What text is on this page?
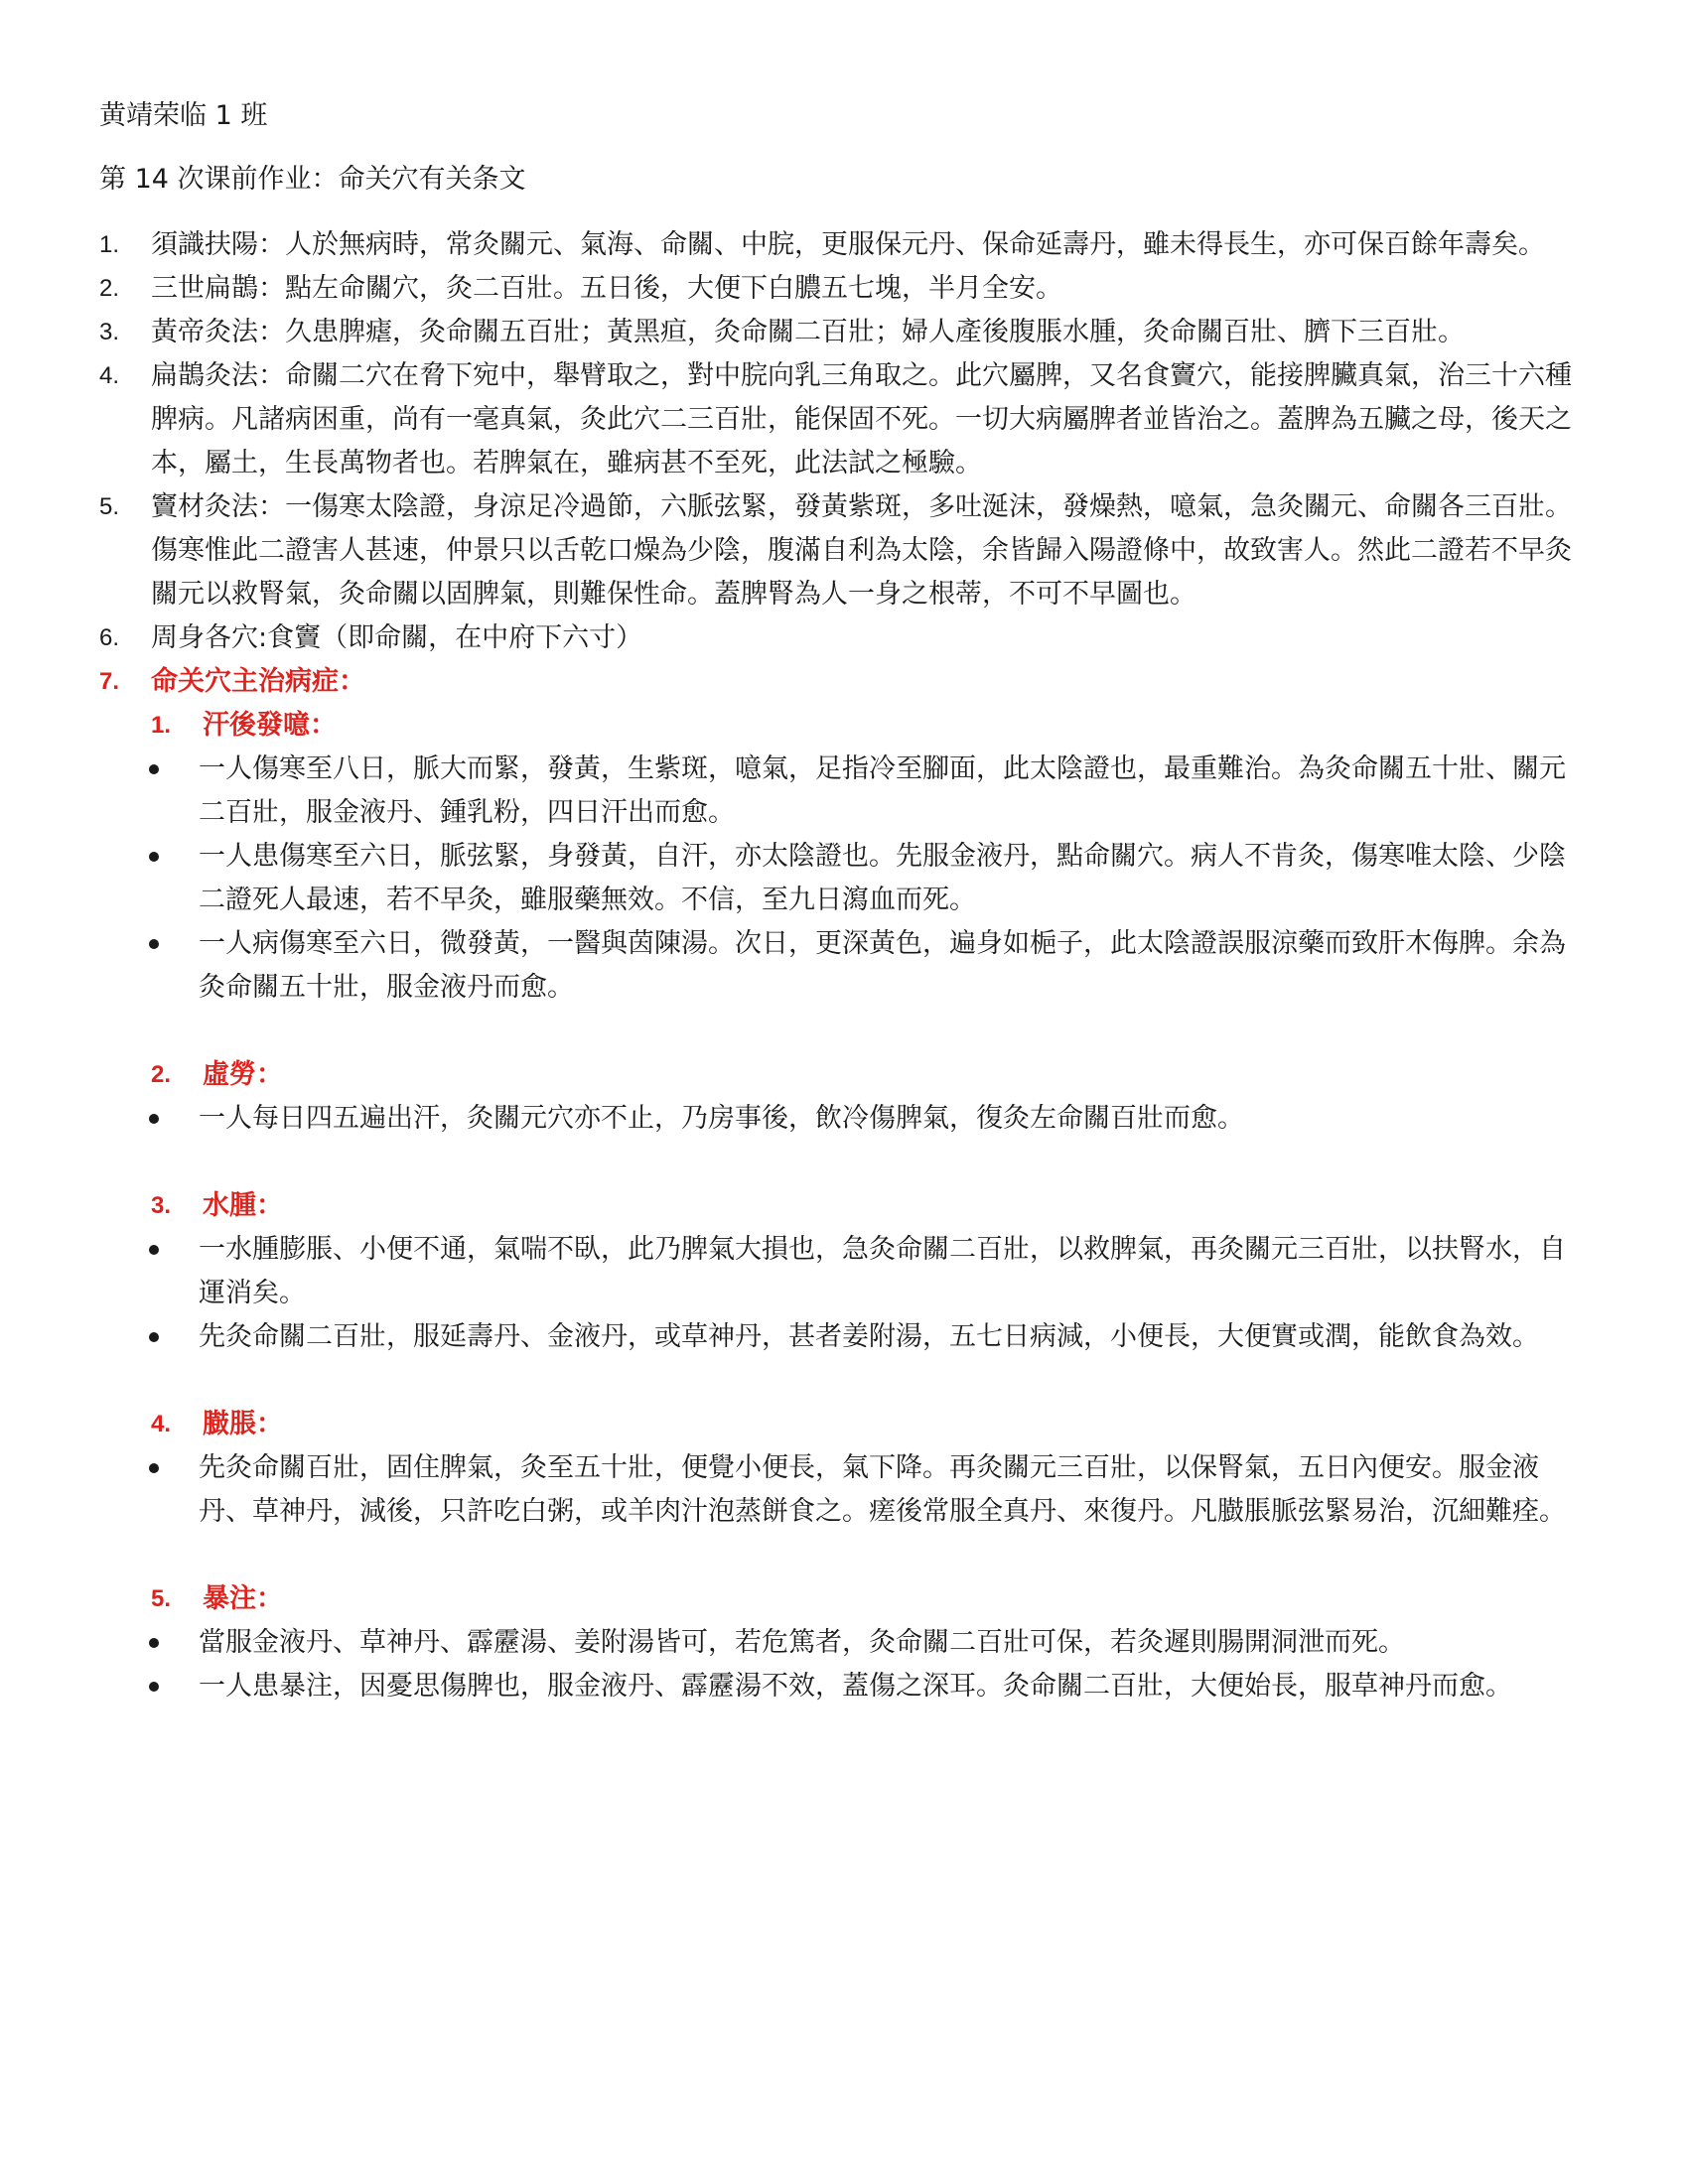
黄靖荣临 1 班

第 14 次课前作业：命关穴有关条文

1.	須識扶陽：人於無病時，常灸關元、氣海、命關、中脘，更服保元丹、保命延壽丹，雖未得長生，亦可保百餘年壽矣。
2.	三世扁鵲：點左命關穴，灸二百壯。五日後，大便下白膿五七塊，半月全安。
3.	黃帝灸法：久患脾瘧，灸命關五百壯；黃黑疸，灸命關二百壯；婦人產後腹脹水腫，灸命關百壯、臍下三百壯。
4.	扁鵲灸法：命關二穴在脅下宛中，舉臂取之，對中脘向乳三角取之。此穴屬脾，又名食竇穴，能接脾臟真氣，治三十六種脾病。凡諸病困重，尚有一毫真氣，灸此穴二三百壯，能保固不死。一切大病屬脾者並皆治之。蓋脾為五臟之母，後天之本，屬土，生長萬物者也。若脾氣在，雖病甚不至死，此法試之極驗。
5.	竇材灸法：一傷寒太陰證，身涼足冷過節，六脈弦緊，發黃紫斑，多吐涎沫，發燥熱，噫氣，急灸關元、命關各三百壯。傷寒惟此二證害人甚速，仲景只以舌乾口燥為少陰，腹滿自利為太陰，余皆歸入陽證條中，故致害人。然此二證若不早灸關元以救腎氣，灸命關以固脾氣，則難保性命。蓋脾腎為人一身之根蒂，不可不早圖也。
6.	周身各穴:食竇（即命關，在中府下六寸）
7.	命关穴主治病症：
1. 汗後發噫：
一人傷寒至八日，脈大而緊，發黃，生紫斑，噫氣，足指冷至腳面，此太陰證也，最重難治。為灸命關五十壯、關元二百壯，服金液丹、鍾乳粉，四日汗出而愈。
一人患傷寒至六日，脈弦緊，身發黃，自汗，亦太陰證也。先服金液丹，點命關穴。病人不肯灸，傷寒唯太陰、少陰二證死人最速，若不早灸，雖服藥無效。不信，至九日瀉血而死。
一人病傷寒至六日，微發黃，一醫與茵陳湯。次日，更深黃色，遍身如梔子，此太陰證誤服涼藥而致肝木侮脾。余為灸命關五十壯，服金液丹而愈。
2. 虛勞：
一人每日四五遍出汗，灸關元穴亦不止，乃房事後，飲冷傷脾氣，復灸左命關百壯而愈。
3. 水腫：
一水腫膨脹、小便不通，氣喘不臥，此乃脾氣大損也，急灸命關二百壯，以救脾氣，再灸關元三百壯，以扶腎水，自運消矣。
先灸命關二百壯，服延壽丹、金液丹，或草神丹，甚者姜附湯，五七日病減，小便長，大便實或潤，能飲食為效。
4. 臌脹：
先灸命關百壯，固住脾氣，灸至五十壯，便覺小便長，氣下降。再灸關元三百壯，以保腎氣，五日內便安。服金液丹、草神丹，減後，只許吃白粥，或羊肉汁泡蒸餅食之。瘥後常服全真丹、來復丹。凡臌脹脈弦緊易治，沉細難痊。
5. 暴注：
當服金液丹、草神丹、霹靂湯、姜附湯皆可，若危篤者，灸命關二百壯可保，若灸遲則腸開洞泄而死。
一人患暴注，因憂思傷脾也，服金液丹、霹靂湯不效，蓋傷之深耳。灸命關二百壯，大便始長，服草神丹而愈。
